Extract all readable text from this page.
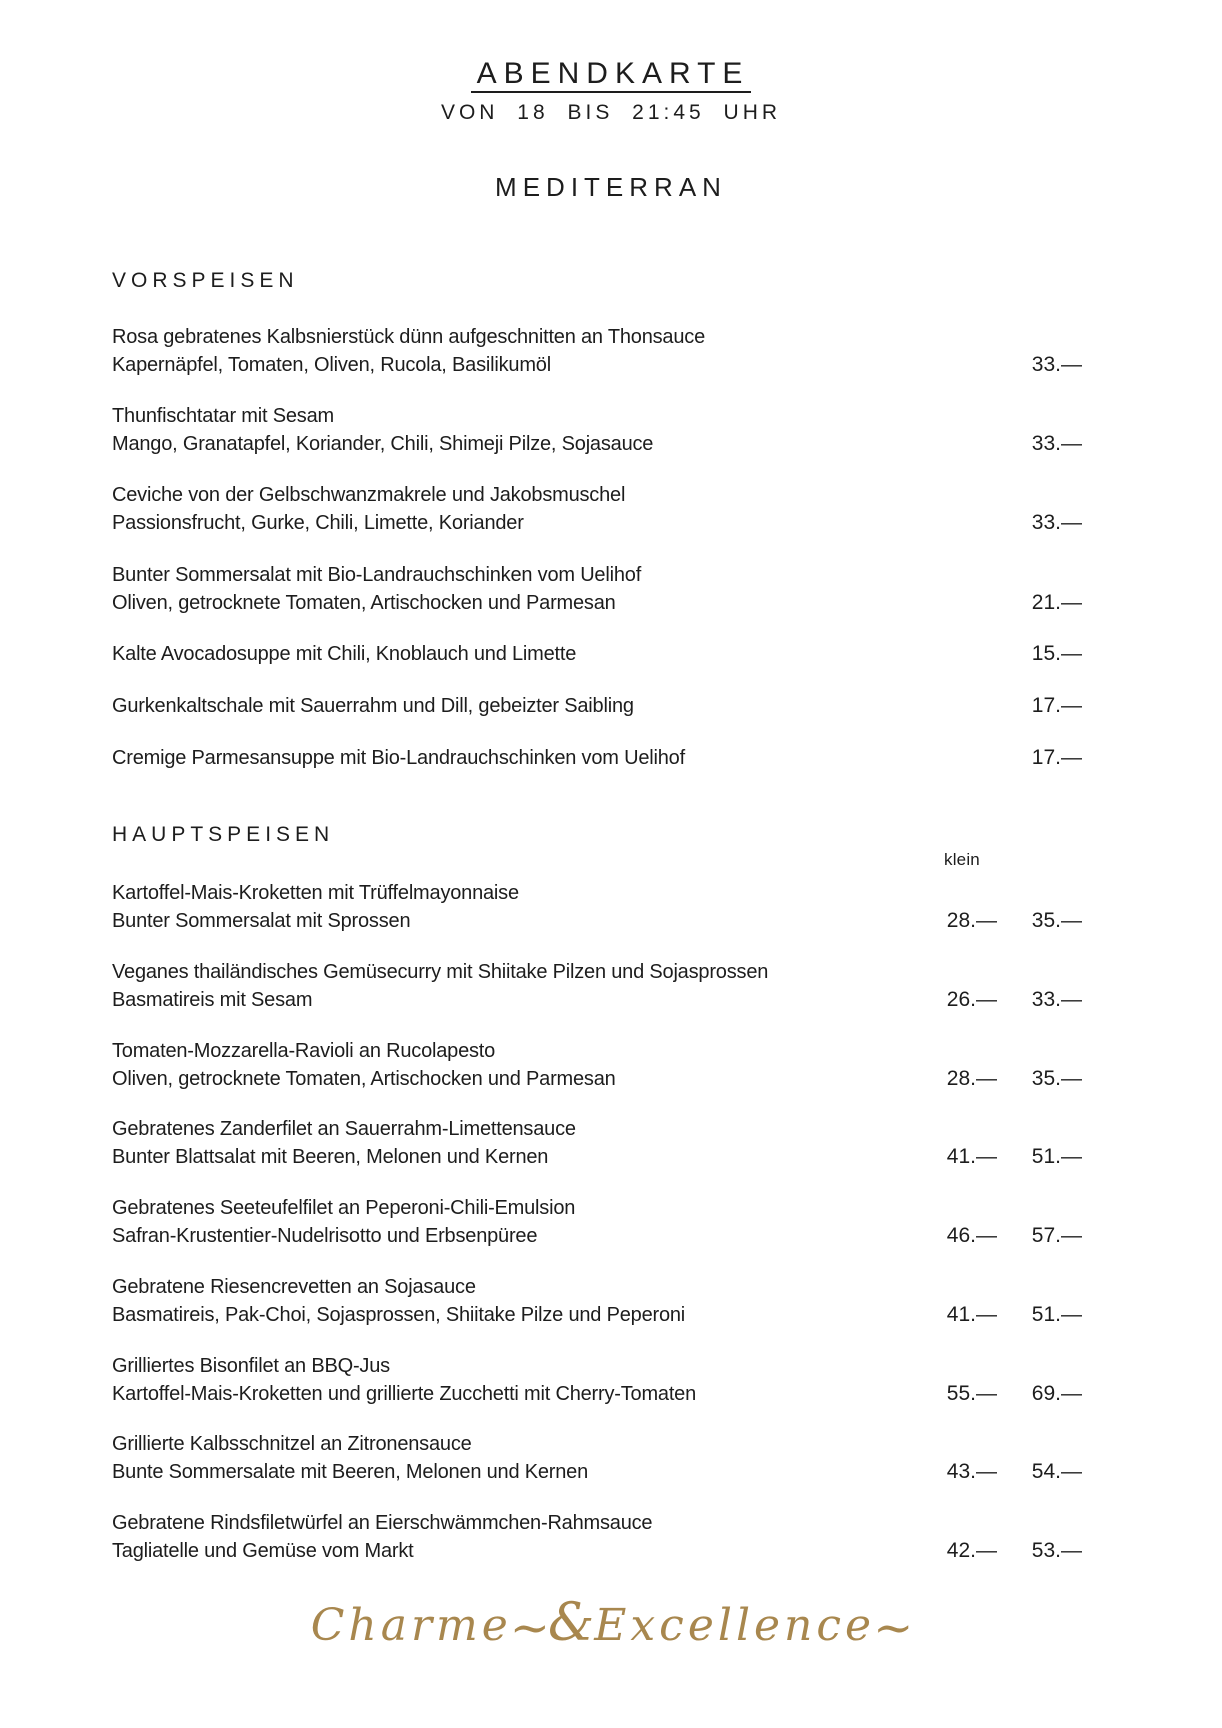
ABENDKARTE
VON 18 BIS 21:45 UHR
MEDITERRAN
VORSPEISEN
Rosa gebratenes Kalbsnierstück dünn aufgeschnitten an Thonsauce
Kapernäpfel, Tomaten, Oliven, Rucola, Basilikumöl	33.—
Thunfischtatar mit Sesam
Mango, Granatapfel, Koriander, Chili, Shimeji Pilze, Sojasauce	33.—
Ceviche von der Gelbschwanzmakrele und Jakobsmuschel
Passionsfrucht, Gurke, Chili, Limette, Koriander	33.—
Bunter Sommersalat mit Bio-Landrauchschinken vom Uelihof
Oliven, getrocknete Tomaten, Artischocken und Parmesan	21.—
Kalte Avocadosuppe mit Chili, Knoblauch und Limette	15.—
Gurkenkaltschale mit Sauerrahm und Dill, gebeizter Saibling	17.—
Cremige Parmesansuppe mit Bio-Landrauchschinken vom Uelihof	17.—
HAUPTSPEISEN
klein
Kartoffel-Mais-Kroketten mit Trüffelmayonnaise
Bunter Sommersalat mit Sprossen	28.—	35.—
Veganes thailändisches Gemüsecurry mit Shiitake Pilzen und Sojasprossen
Basmatireis mit Sesam	26.—	33.—
Tomaten-Mozzarella-Ravioli an Rucolapesto
Oliven, getrocknete Tomaten, Artischocken und Parmesan	28.—	35.—
Gebratenes Zanderfilet an Sauerrahm-Limettensauce
Bunter Blattsalat mit Beeren, Melonen und Kernen	41.—	51.—
Gebratenes Seeteufelfilet an Peperoni-Chili-Emulsion
Safran-Krustentier-Nudelrisotto und Erbsenpüree	46.—	57.—
Gebratene Riesencrevetten an Sojasauce
Basmatireis, Pak-Choi, Sojasprossen, Shiitake Pilze und Peperoni	41.—	51.—
Grilliertes Bisonfilet an BBQ-Jus
Kartoffel-Mais-Kroketten und grillierte Zucchetti mit Cherry-Tomaten	55.—	69.—
Grillierte Kalbsschnitzel an Zitronensauce
Bunte Sommersalate mit Beeren, Melonen und Kernen	43.—	54.—
Gebratene Rindsfiletwürfel an Eierschwämmchen-Rahmsauce
Tagliatelle und Gemüse vom Markt	42.—	53.—
Charme~&Excellence~
